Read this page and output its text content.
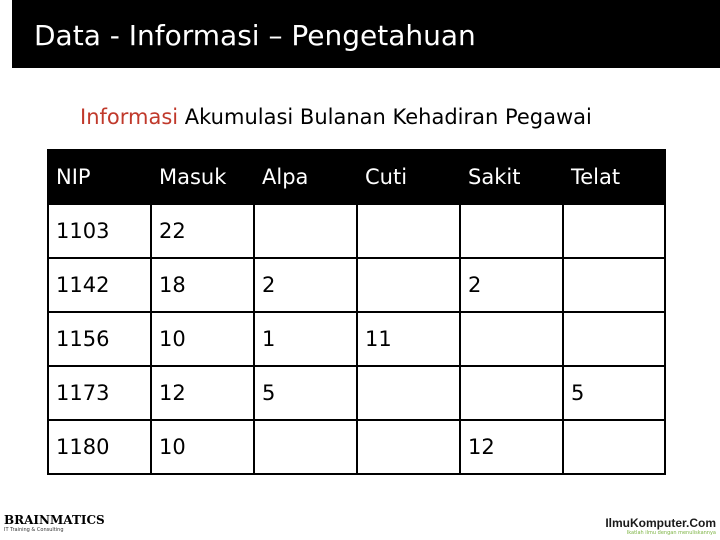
Data - Informasi – Pengetahuan
Informasi Akumulasi Bulanan Kehadiran Pegawai
NIP	Masuk	Alpa	Cuti	Sakit	Telat
1103	22				
1142	18	2		2	
1156	10	1	11		
1173	12	5			5
1180	10			12	
BRAINMATICS
IT Training & Consulting	IlmuKomputer.Com
Ikatlah ilmu dengan menuliskannya
